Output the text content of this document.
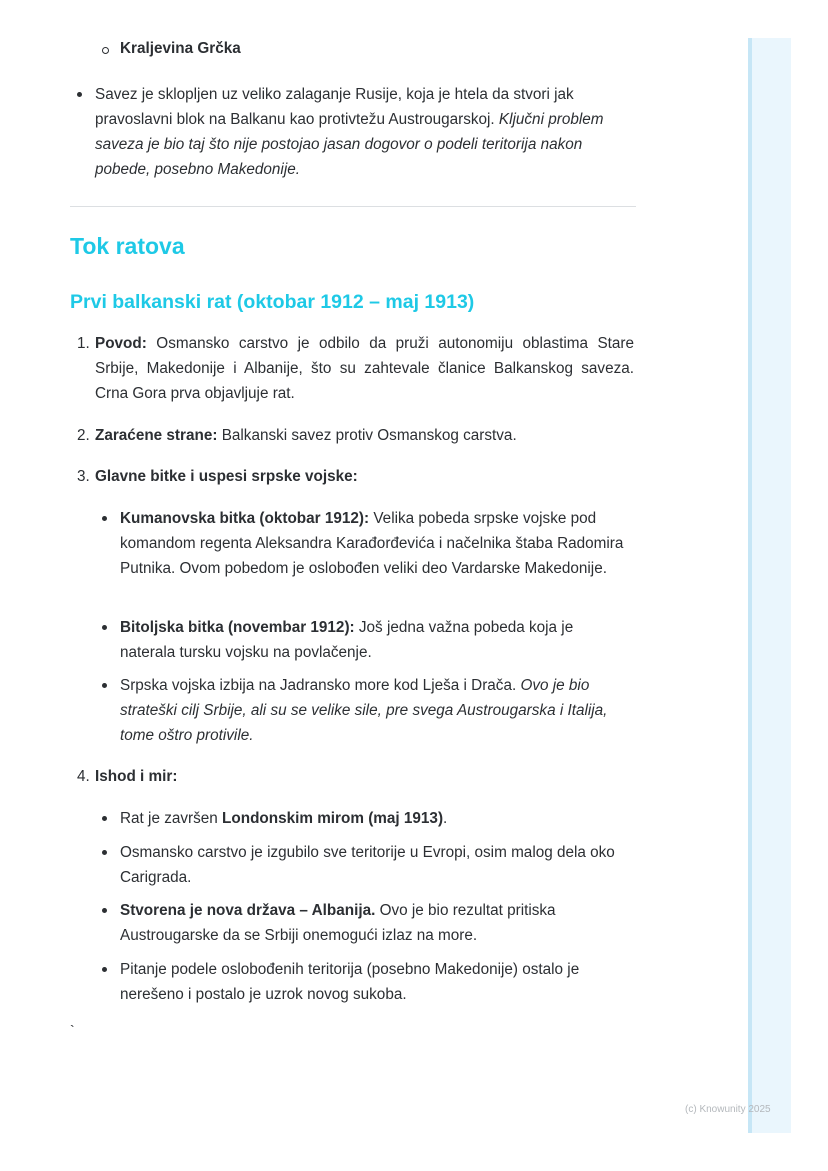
Kraljevina Grčka
Savez je sklopljen uz veliko zalaganje Rusije, koja je htela da stvori jak pravoslavni blok na Balkanu kao protivtežu Austrougarskoj. Ključni problem saveza je bio taj što nije postojao jasan dogovor o podeli teritorija nakon pobede, posebno Makedonije.
Tok ratova
Prvi balkanski rat (oktobar 1912 – maj 1913)
1. Povod: Osmansko carstvo je odbilo da pruži autonomiju oblastima Stare Srbije, Makedonije i Albanije, što su zahtevale članice Balkanskog saveza. Crna Gora prva objavljuje rat.
2. Zaraćene strane: Balkanski savez protiv Osmanskog carstva.
3. Glavne bitke i uspesi srpske vojske:
Kumanovska bitka (oktobar 1912): Velika pobeda srpske vojske pod komandom regenta Aleksandra Karađorđevića i načelnika štaba Radomira Putnika. Ovom pobedom je oslobođen veliki deo Vardarske Makedonije.
Bitoljska bitka (novembar 1912): Još jedna važna pobeda koja je naterala tursku vojsku na povlačenje.
Srpska vojska izbija na Jadransko more kod Lješa i Drača. Ovo je bio strateški cilj Srbije, ali su se velike sile, pre svega Austrougarska i Italija, tome oštro protivile.
4. Ishod i mir:
Rat je završen Londonskim mirom (maj 1913).
Osmansko carstvo je izgubilo sve teritorije u Evropi, osim malog dela oko Carigrada.
Stvorena je nova država – Albanija. Ovo je bio rezultat pritiska Austrougarske da se Srbiji onemogući izlaz na more.
Pitanje podele oslobođenih teritorija (posebno Makedonije) ostalo je nerešeno i postalo je uzrok novog sukoba.
`
(c) Knowunity 2025
